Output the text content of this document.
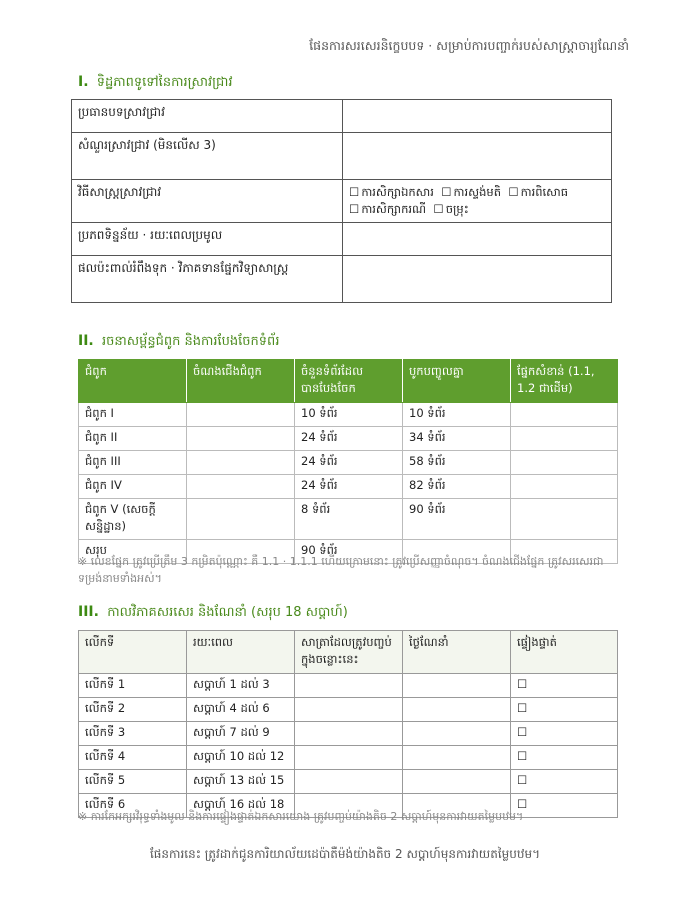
ផែនការសរសេរនិក្ខេបបទ · សម្រាប់ការបញ្ចាក់របស់សាស្ត្រាចារ្យណែនាំ
I. ទិដ្ឋភាពទូទៅនៃការស្រាវជ្រាវ
ប្រធានបទស្រាវជ្រាវ	
សំណួរស្រាវជ្រាវ (មិនលើស 3)	
វិធីសាស្ត្រស្រាវជ្រាវ	☐ ការសិក្សាឯកសារ ☐ ការស្ទង់មតិ ☐ ការពិសោធ
☐ ការសិក្សាករណី ☐ ចម្រុះ
ប្រភពទិន្នន័យ · រយៈពេលប្រមូល	
ផលប៉ះពាល់រំពឹងទុក · វិភាគទានផ្នែកវិទ្យាសាស្ត្រ	
II. រចនាសម្ព័ន្ធជំពូក និងការបែងចែកទំព័រ
ជំពូក	ចំណងជើងជំពូក	ចំនួនទំព័រដែលបានបែងចែក	បូកបញ្ចូលគ្នា	ផ្នែកសំខាន់ (1.1, 1.2 ជាដើម)
ជំពូក I		10 ទំព័រ	10 ទំព័រ	
ជំពូក II		24 ទំព័រ	34 ទំព័រ	
ជំពូក III		24 ទំព័រ	58 ទំព័រ	
ជំពូក IV		24 ទំព័រ	82 ទំព័រ	
ជំពូក V (សេចក្តីសន្និដ្ឋាន)		8 ទំព័រ	90 ទំព័រ	
សរុប		90 ទំព័រ		
※ លេខផ្នែក ត្រូវប្រើត្រឹម 3 កម្រិតប៉ុណ្ណោះ គឺ 1.1 · 1.1.1 ហើយក្រោមនោះ ត្រូវប្រើសញ្ញាចំណុច។ ចំណងជើងផ្នែក ត្រូវសរសេរជាទម្រង់នាមទាំងអស់។
III. កាលវិភាគសរសេរ និងណែនាំ (សរុប 18 សប្តាហ៍)
លើកទី	រយៈពេល	សាត្រាដែលត្រូវបញ្ចប់ក្នុងចន្លោះនេះ	ថ្ងៃណែនាំ	ផ្ទៀងផ្ទាត់
លើកទី 1	សប្តាហ៍ 1 ដល់ 3			☐
លើកទី 2	សប្តាហ៍ 4 ដល់ 6			☐
លើកទី 3	សប្តាហ៍ 7 ដល់ 9			☐
លើកទី 4	សប្តាហ៍ 10 ដល់ 12			☐
លើកទី 5	សប្តាហ៍ 13 ដល់ 15			☐
លើកទី 6	សប្តាហ៍ 16 ដល់ 18			☐
※ ការកែអក្សរវិរុទ្ធទាំងមូល និងការផ្ទៀងផ្ទាត់ឯកសារយោង ត្រូវបញ្ចប់យ៉ាងតិច 2 សប្តាហ៍មុនការវាយតម្លៃបឋម។
ផែនការនេះ ត្រូវដាក់ជូនការិយាល័យដេប៉ាតឺម៉ង់យ៉ាងតិច 2 សប្តាហ៍មុនការវាយតម្លៃបឋម។
